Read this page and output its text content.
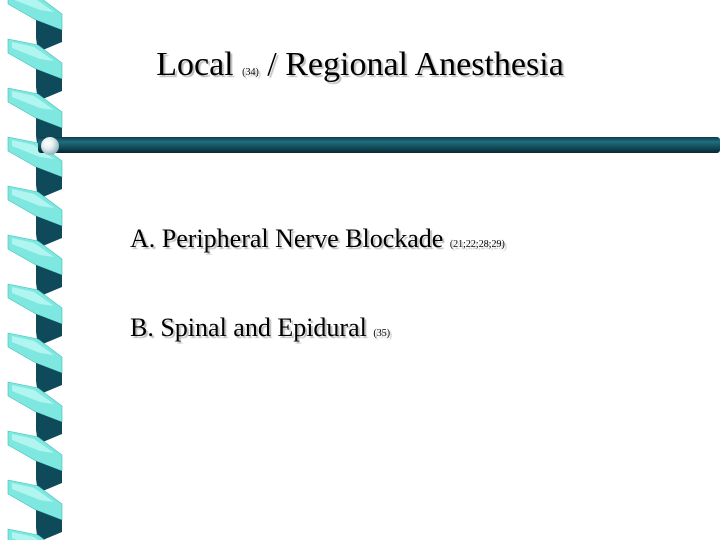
Local (34) / Regional Anesthesia
A. Peripheral Nerve Blockade (21;22;28;29)
B. Spinal and Epidural (35)
